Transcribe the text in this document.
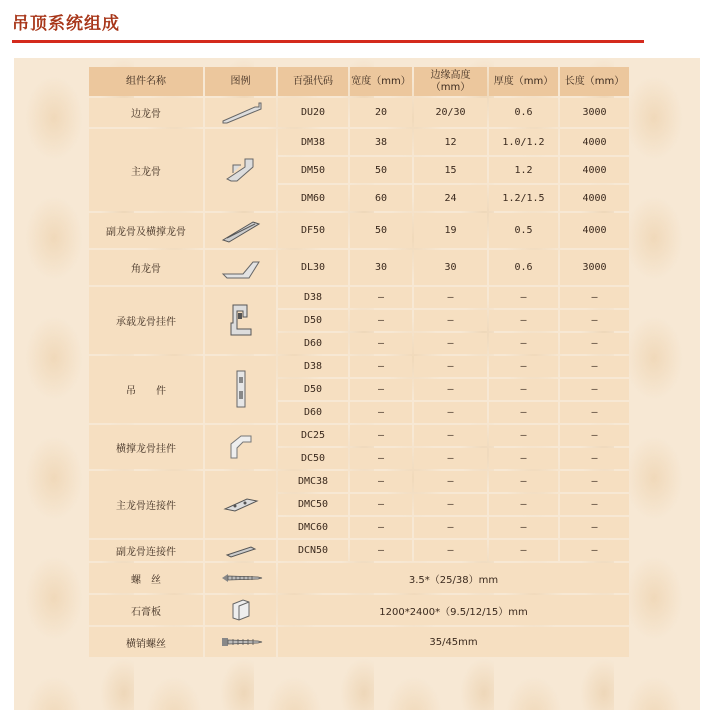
吊顶系统组成
组件名称	图例	百强代码	宽度（mm）	边缘高度（mm）	厚度（mm）	长度（mm）
边龙骨		DU20	20	20/30	0.6	3000
主龙骨		DM38	38	12	1.0/1.2	4000
		DM50	50	15	1.2	4000
		DM60	60	24	1.2/1.5	4000
副龙骨及横撑龙骨		DF50	50	19	0.5	4000
角龙骨		DL30	30	30	0.6	3000
承载龙骨挂件		D38	–	–	–	–
		D50	–	–	–	–
		D60	–	–	–	–
吊　　件		D38	–	–	–	–
		D50	–	–	–	–
		D60	–	–	–	–
横撑龙骨挂件		DC25	–	–	–	–
		DC50	–	–	–	–
主龙骨连接件		DMC38	–	–	–	–
		DMC50	–	–	–	–
		DMC60	–	–	–	–
副龙骨连接件		DCN50	–	–	–	–
螺　丝		3.5*（25/38）mm				
石膏板		1200*2400*（9.5/12/15）mm				
横销螺丝		35/45mm				
